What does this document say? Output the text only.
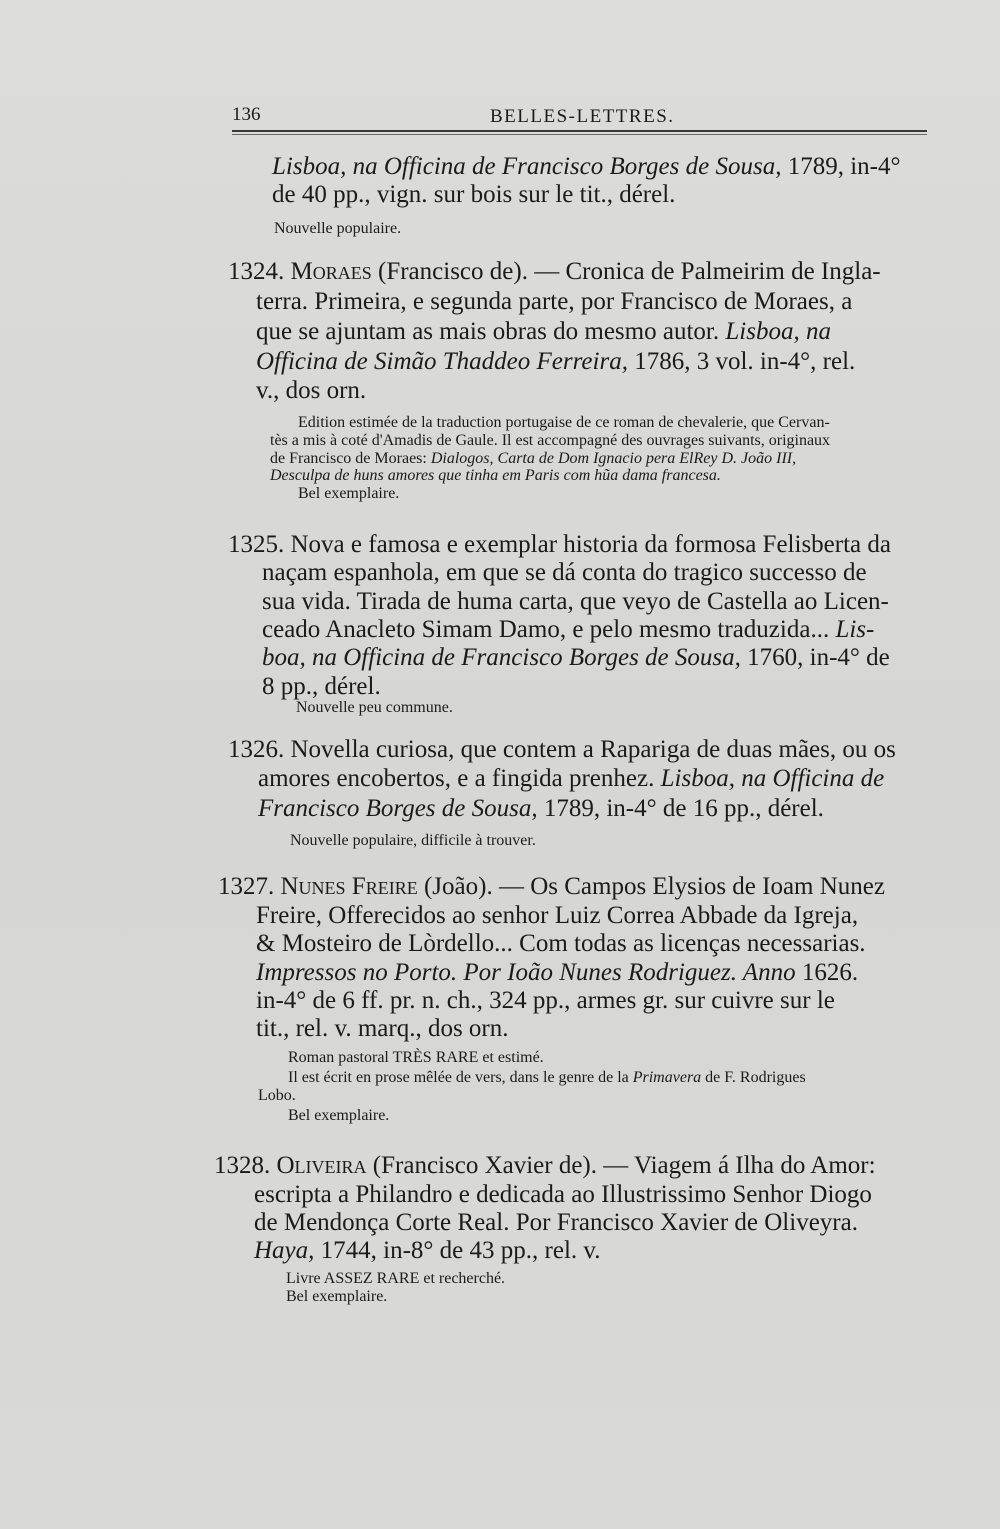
136	BELLES-LETTRES.
Lisboa, na Officina de Francisco Borges de Sousa, 1789, in-4°
de 40 pp., vign. sur bois sur le tit., dérel.
Nouvelle populaire.
1324. Moraes (Francisco de). — Cronica de Palmeirim de Ingla-
terra. Primeira, e segunda parte, por Francisco de Moraes, a
que se ajuntam as mais obras do mesmo autor. Lisboa, na
Officina de Simão Thaddeo Ferreira, 1786, 3 vol. in-4°, rel.
v., dos orn.
Edition estimée de la traduction portugaise de ce roman de chevalerie, que Cervan-
tès a mis à coté d'Amadis de Gaule. Il est accompagné des ouvrages suivants, originaux
de Francisco de Moraes: Dialogos, Carta de Dom Ignacio pera ElRey D. João III,
Desculpa de huns amores que tinha em Paris com hũa dama francesa.
Bel exemplaire.
1325. Nova e famosa e exemplar historia da formosa Felisberta da
naçam espanhola, em que se dá conta do tragico successo de
sua vida. Tirada de huma carta, que veyo de Castella ao Licen-
ceado Anacleto Simam Damo, e pelo mesmo traduzida... Lis-
boa, na Officina de Francisco Borges de Sousa, 1760, in-4° de
8 pp., dérel.
Nouvelle peu commune.
1326. Novella curiosa, que contem a Rapariga de duas mães, ou os
amores encobertos, e a fingida prenhez. Lisboa, na Officina de
Francisco Borges de Sousa, 1789, in-4° de 16 pp., dérel.
Nouvelle populaire, difficile à trouver.
1327. Nunes Freire (João). — Os Campos Elysios de Ioam Nunez
Freire, Offerecidos ao senhor Luiz Correa Abbade da Igreja,
& Mosteiro de Lòrdello... Com todas as licenças necessarias.
Impressos no Porto. Por Ioão Nunes Rodriguez. Anno 1626.
in-4° de 6 ff. pr. n. ch., 324 pp., armes gr. sur cuivre sur le
tit., rel. v. marq., dos orn.
Roman pastoral TRÈS RARE et estimé.
Il est écrit en prose mêlée de vers, dans le genre de la Primavera de F. Rodrigues
Lobo.
Bel exemplaire.
1328. Oliveira (Francisco Xavier de). — Viagem á Ilha do Amor:
escripta a Philandro e dedicada ao Illustrissimo Senhor Diogo
de Mendonça Corte Real. Por Francisco Xavier de Oliveyra.
Haya, 1744, in-8° de 43 pp., rel. v.
Livre ASSEZ RARE et recherché.
Bel exemplaire.
